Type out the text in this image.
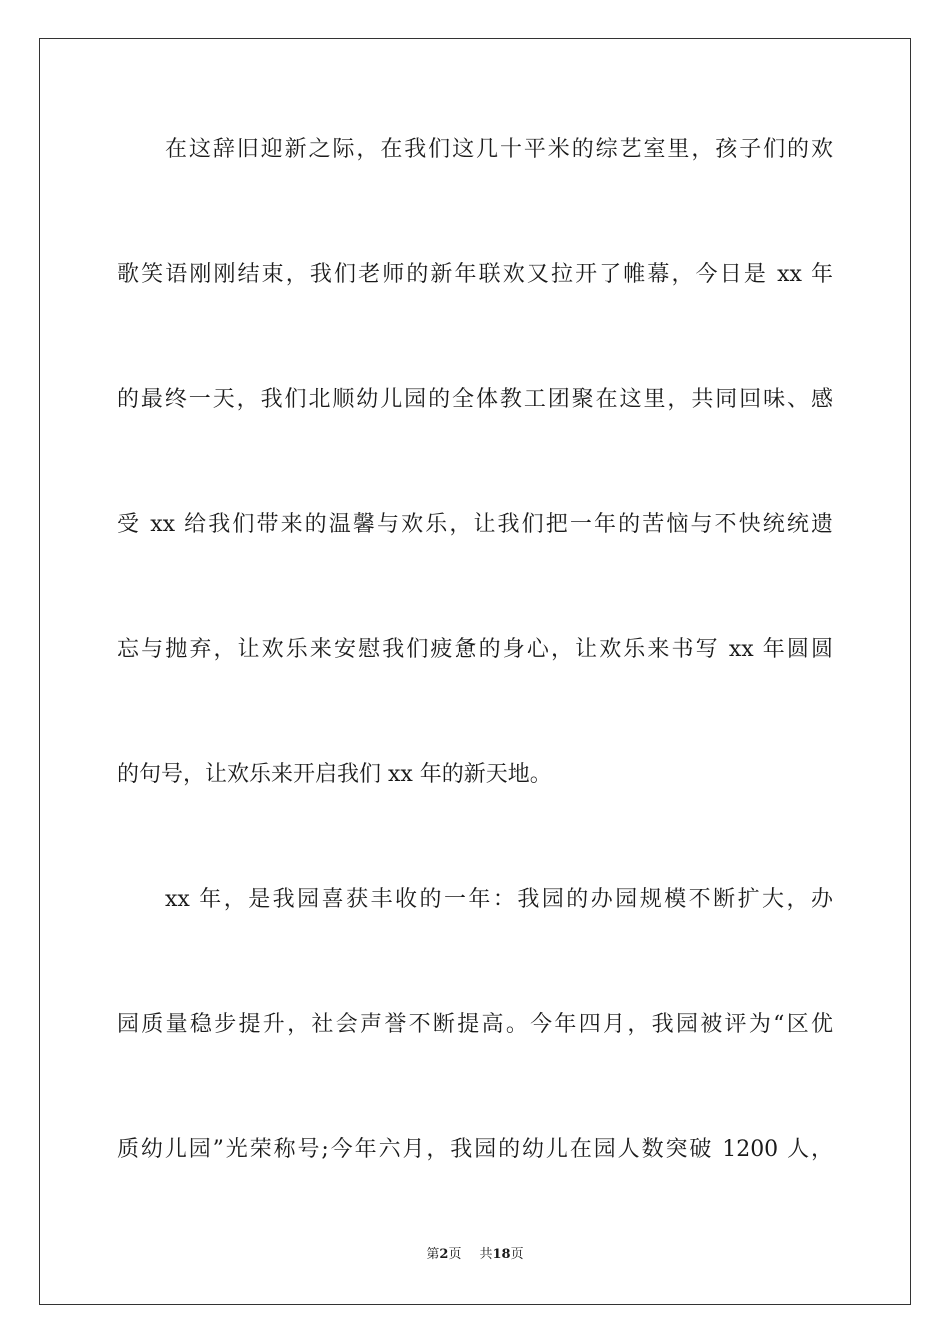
在这辞旧迎新之际，在我们这几十平米的综艺室里，孩子们的欢
歌笑语刚刚结束，我们老师的新年联欢又拉开了帷幕，今日是 xx 年
的最终一天，我们北顺幼儿园的全体教工团聚在这里，共同回味、感
受 xx 给我们带来的温馨与欢乐，让我们把一年的苦恼与不快统统遗
忘与抛弃，让欢乐来安慰我们疲惫的身心，让欢乐来书写 xx 年圆圆
的句号，让欢乐来开启我们 xx 年的新天地。
xx 年，是我园喜获丰收的一年：我园的办园规模不断扩大，办
园质量稳步提升，社会声誉不断提高。今年四月，我园被评为“区优
质幼儿园”光荣称号;今年六月，我园的幼儿在园人数突破 1200 人，
第2页 共18页
